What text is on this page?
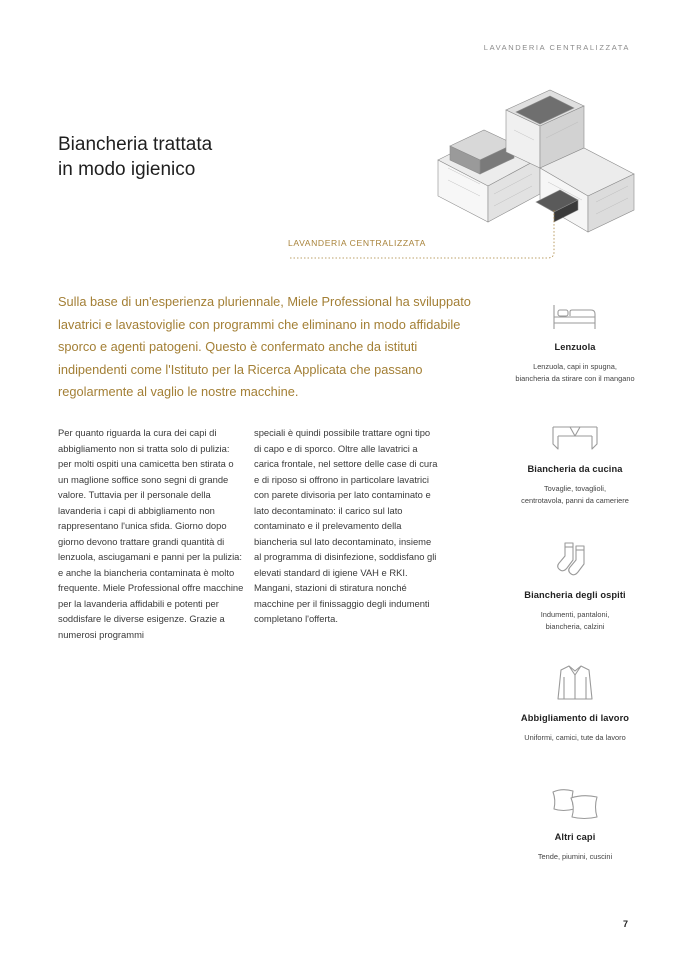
LAVANDERIA CENTRALIZZATA
Biancheria trattata
in modo igienico
LAVANDERIA CENTRALIZZATA

Sulla base di un'esperienza pluriennale, Miele Professional ha sviluppato lavatrici e lavastoviglie con programmi che eliminano in modo affidabile sporco e agenti patogeni. Questo è confermato anche da istituti indipendenti come l'Istituto per la Ricerca Applicata che passano regolarmente al vaglio le nostre macchine.

Per quanto riguarda la cura dei capi di abbigliamento non si tratta solo di pulizia: per molti ospiti una camicetta ben stirata o un maglione soffice sono segni di grande valore. Tuttavia per il personale della lavanderia i capi di abbigliamento non rappresentano l'unica sfida. Giorno dopo giorno devono trattare grandi quantità di lenzuola, asciugamani e panni per la pulizia: e anche la biancheria contaminata è molto frequente. Miele Professional offre macchine per la lavanderia affidabili e potenti per soddisfare le diverse esigenze. Grazie a numerosi programmi

speciali è quindi possibile trattare ogni tipo di capo e di sporco. Oltre alle lavatrici a carica frontale, nel settore delle case di cura e di riposo si offrono in particolare lavatrici con parete divisoria per lato contaminato e lato decontaminato: il carico sul lato contaminato e il prelevamento della biancheria sul lato decontaminato, insieme al programma di disinfezione, soddisfano gli elevati standard di igiene VAH e RKI. Mangani, stazioni di stiratura nonché macchine per il finissaggio degli indumenti completano l'offerta.

Lenzuola
Lenzuola, capi in spugna,
biancheria da stirare con il mangano
Biancheria da cucina
Tovaglie, tovaglioli,
centrotavola, panni da cameriere
Biancheria degli ospiti
Indumenti, pantaloni,
biancheria, calzini
Abbigliamento di lavoro
Uniformi, camici, tute da lavoro
Altri capi
Tende, piumini, cuscini
7
